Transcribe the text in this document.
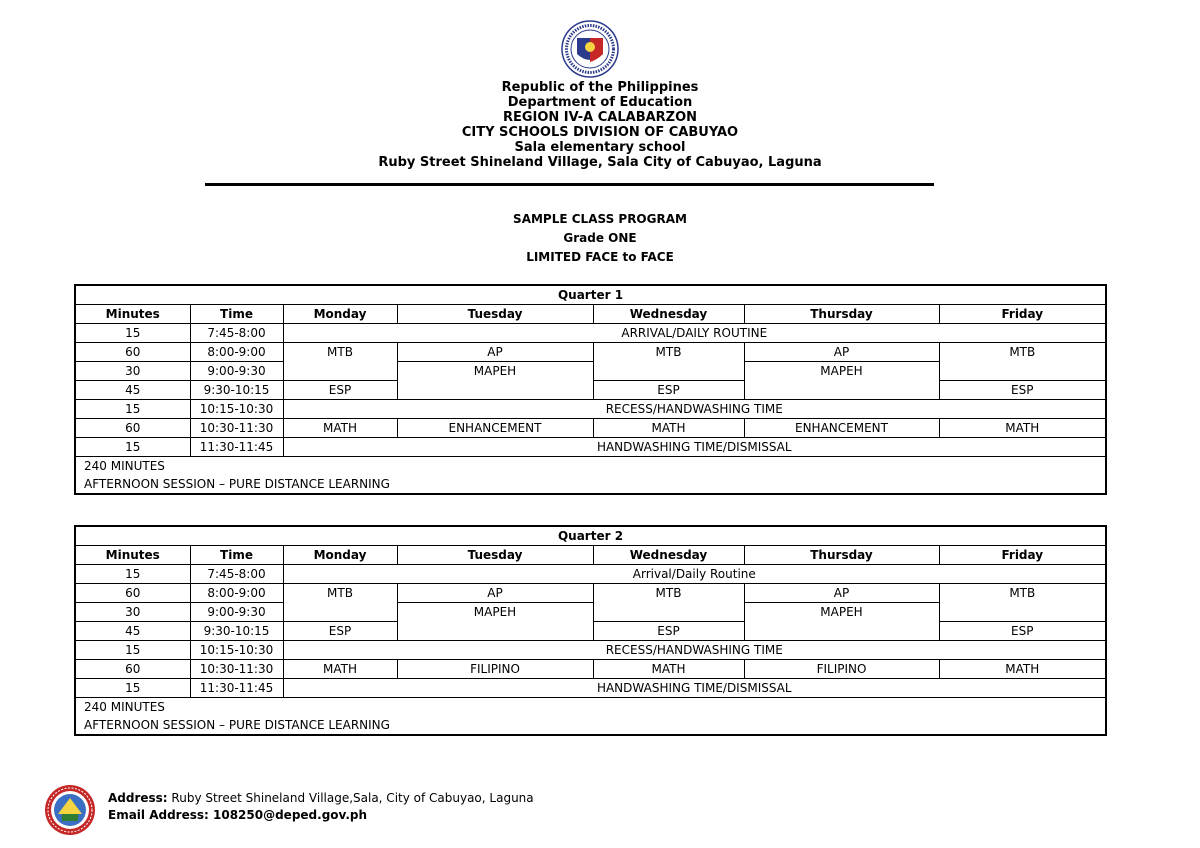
Republic of the Philippines
Department of Education
REGION IV-A CALABARZON
CITY SCHOOLS DIVISION OF CABUYAO
Sala elementary school
Ruby Street Shineland Village, Sala City of Cabuyao, Laguna
SAMPLE CLASS PROGRAM
Grade ONE
LIMITED FACE to FACE
Quarter 1						
Minutes	Time	Monday	Tuesday	Wednesday	Thursday	Friday
15	7:45-8:00	ARRIVAL/DAILY ROUTINE				
60	8:00-9:00	MTB	AP	MTB	AP	MTB
30	9:00-9:30		MAPEH		MAPEH	
45	9:30-10:15	ESP		ESP		ESP
15	10:15-10:30	RECESS/HANDWASHING TIME				
60	10:30-11:30	MATH	ENHANCEMENT	MATH	ENHANCEMENT	MATH
15	11:30-11:45	HANDWASHING TIME/DISMISSAL				
240 MINUTES						
AFTERNOON SESSION – PURE DISTANCE LEARNING						
Quarter 2						
Minutes	Time	Monday	Tuesday	Wednesday	Thursday	Friday
15	7:45-8:00	Arrival/Daily Routine				
60	8:00-9:00	MTB	AP	MTB	AP	MTB
30	9:00-9:30		MAPEH		MAPEH	
45	9:30-10:15	ESP		ESP		ESP
15	10:15-10:30	RECESS/HANDWASHING TIME				
60	10:30-11:30	MATH	FILIPINO	MATH	FILIPINO	MATH
15	11:30-11:45	HANDWASHING TIME/DISMISSAL				
240 MINUTES						
AFTERNOON SESSION – PURE DISTANCE LEARNING						
Address: Ruby Street Shineland Village,Sala, City of Cabuyao, Laguna
Email Address: 108250@deped.gov.ph
